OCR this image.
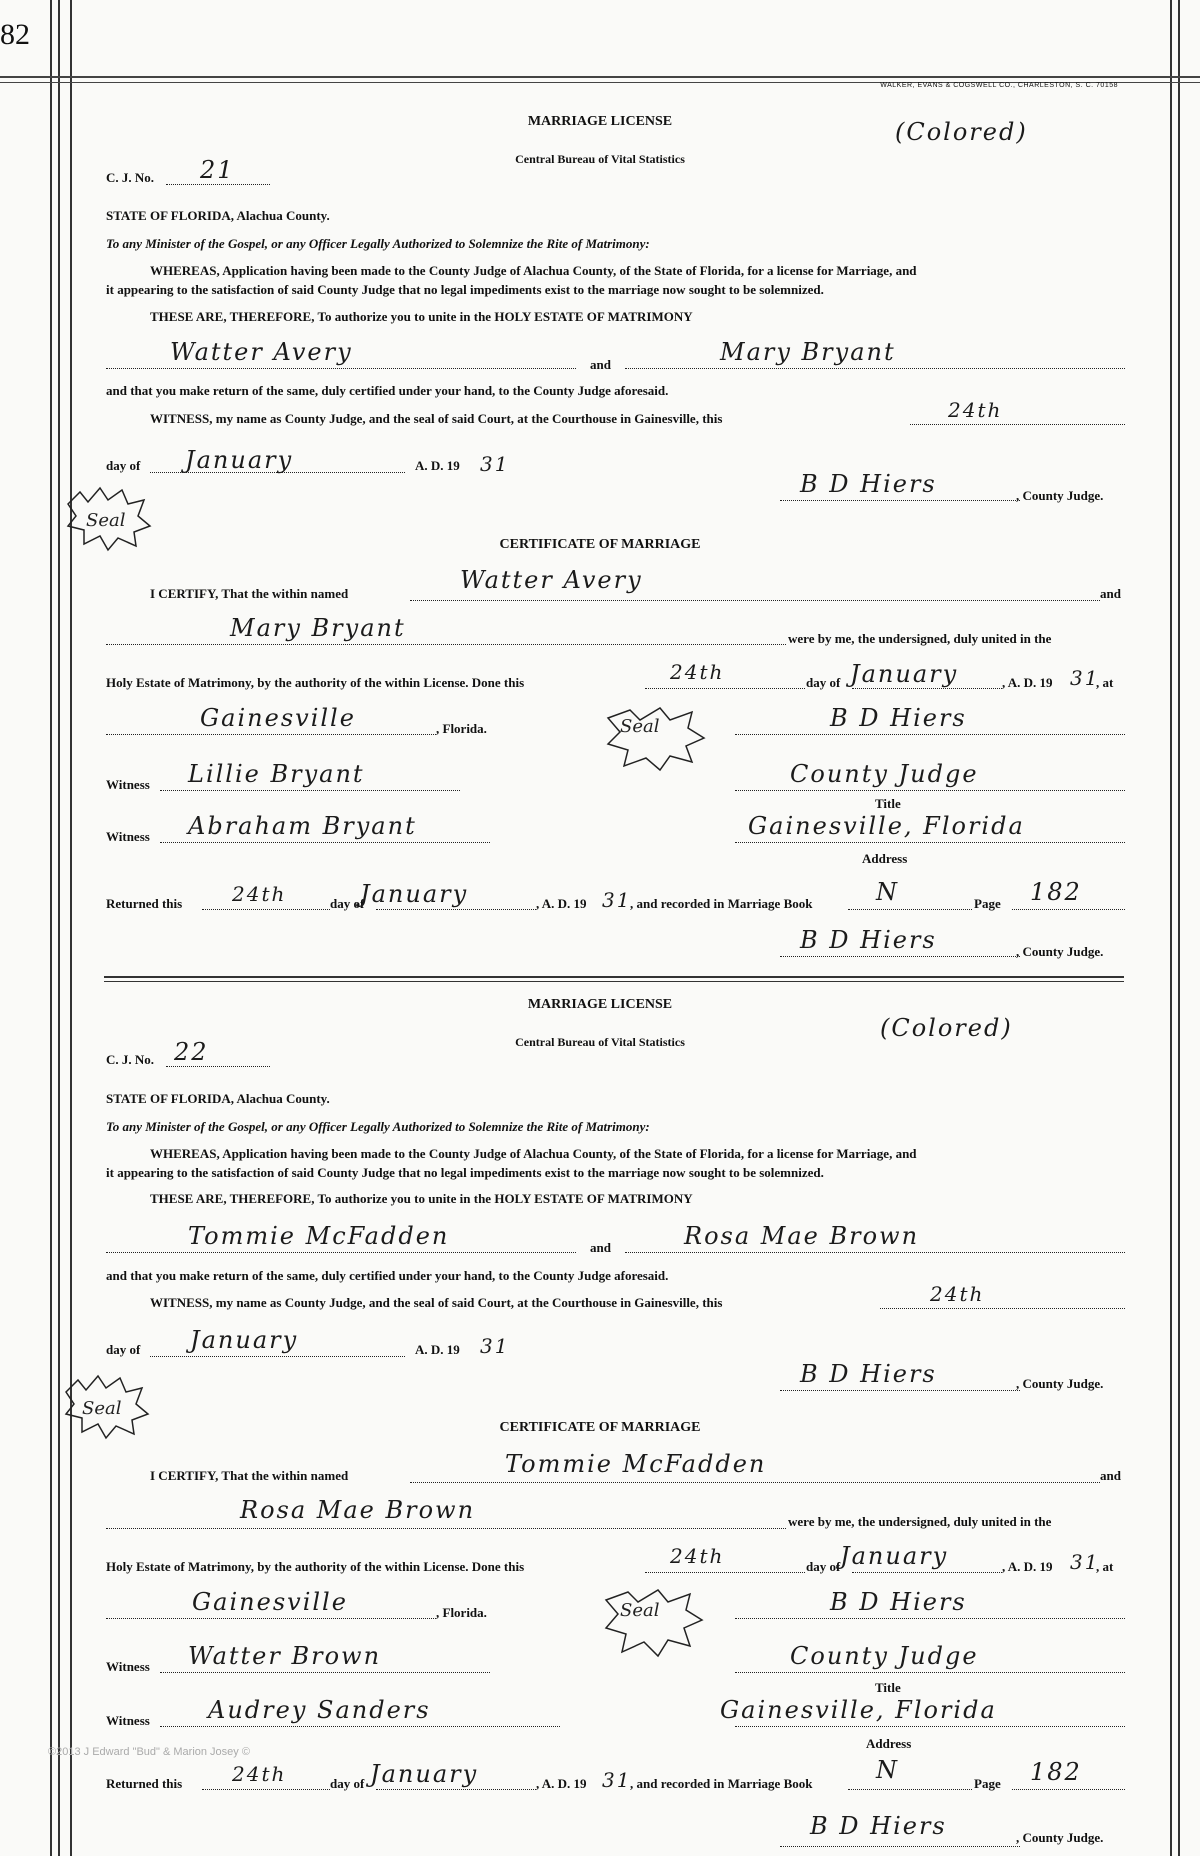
82
WALKER, EVANS & COGSWELL CO., CHARLESTON, S. C. 70158
MARRIAGE LICENSE
Central Bureau of Vital Statistics
(Colored)
C. J. No. 21
STATE OF FLORIDA, Alachua County.
To any Minister of the Gospel, or any Officer Legally Authorized to Solemnize the Rite of Matrimony:
WHEREAS, Application having been made to the County Judge of Alachua County, of the State of Florida, for a license for Marriage, and
it appearing to the satisfaction of said County Judge that no legal impediments exist to the marriage now sought to be solemnized.
THESE ARE, THEREFORE, To authorize you to unite in the HOLY ESTATE OF MATRIMONY
Watter Avery	and	Mary Bryant
and that you make return of the same, duly certified under your hand, to the County Judge aforesaid.
WITNESS, my name as County Judge, and the seal of said Court, at the Courthouse in Gainesville, this	24th
day of January	A. D. 19 31
Seal
B D Hiers	, County Judge.
CERTIFICATE OF MARRIAGE
I CERTIFY, That the within named	Watter Avery	and
Mary Bryant	were by me, the undersigned, duly united in the
Holy Estate of Matrimony, by the authority of the within License. Done this	24th	day of January	, A. D. 19 31
, at
Gainesville	, Florida.	Seal	B D Hiers
Witness Lillie Bryant	County Judge
Title
Witness Abraham Bryant	Gainesville, Florida
Address
Returned this 24th	day of
January	, A. D. 19 31
, and recorded in Marriage Book	N	Page 182
B D Hiers	, County Judge.
MARRIAGE LICENSE
Central Bureau of Vital Statistics	(Colored)
C. J. No. 22
STATE OF FLORIDA, Alachua County.
To any Minister of the Gospel, or any Officer Legally Authorized to Solemnize the Rite of Matrimony:
WHEREAS, Application having been made to the County Judge of Alachua County, of the State of Florida, for a license for Marriage, and
it appearing to the satisfaction of said County Judge that no legal impediments exist to the marriage now sought to be solemnized.
THESE ARE, THEREFORE, To authorize you to unite in the HOLY ESTATE OF MATRIMONY
Tommie McFadden	and	Rosa Mae Brown
and that you make return of the same, duly certified under your hand, to the County Judge aforesaid.
WITNESS, my name as County Judge, and the seal of said Court, at the Courthouse in Gainesville, this	24th
day of January	A. D. 19 31
Seal
B D Hiers	, County Judge.
CERTIFICATE OF MARRIAGE
I CERTIFY, That the within named	Tommie McFadden	and
Rosa Mae Brown	were by me, the undersigned, duly united in the
Holy Estate of Matrimony, by the authority of the within License. Done this	24th	day of January	, A. D. 19 31
, at
Gainesville	, Florida.	Seal	B D Hiers
Witness Watter Brown	County Judge
Title
Witness Audrey Sanders	Gainesville, Florida
Address
©2013 J Edward "Bud" & Marion Josey ©
Returned this 24th	day of January	, A. D. 19 31
, and recorded in Marriage Book	N	Page 182
B D Hiers	, County Judge.
